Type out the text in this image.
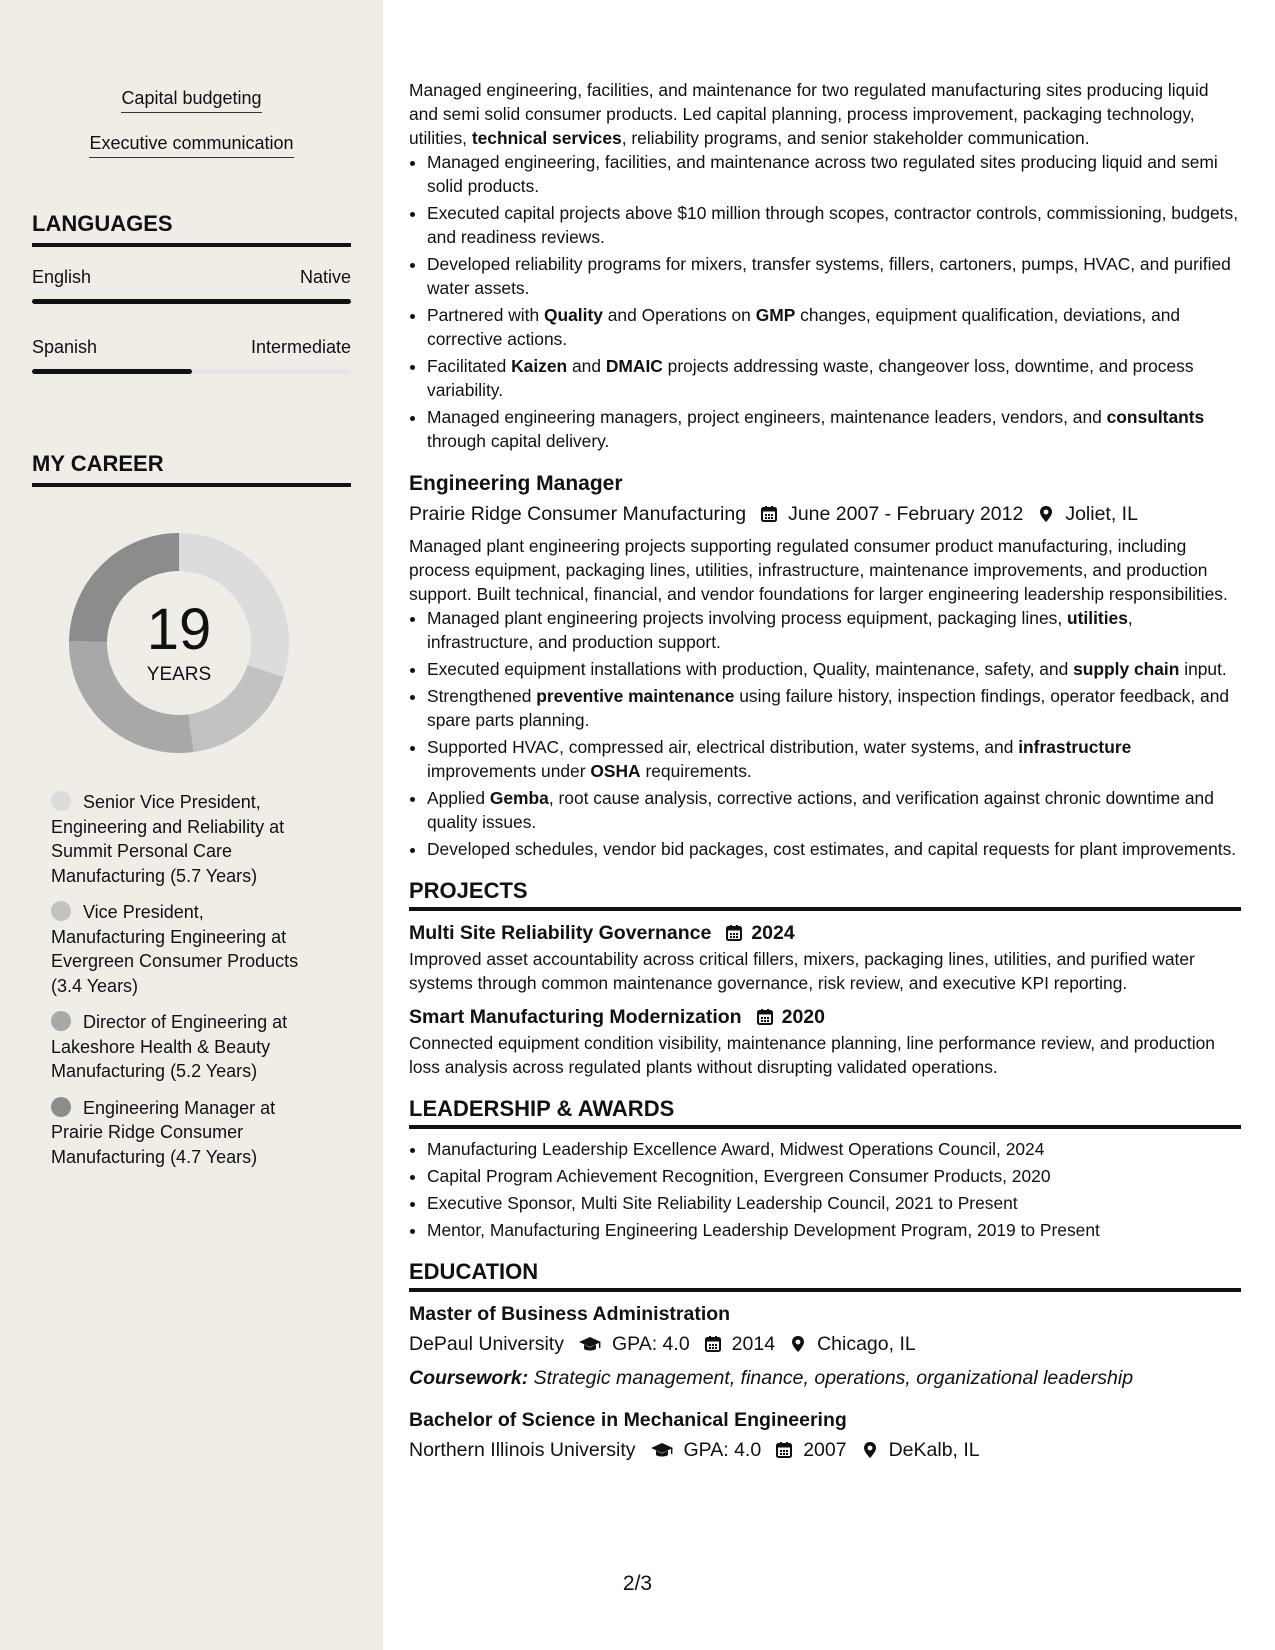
Capital budgeting
Executive communication
LANGUAGES
English	Native
Spanish	Intermediate
MY CAREER
19
YEARS
Senior Vice President, Engineering and Reliability at Summit Personal Care Manufacturing (5.7 Years)
Vice President, Manufacturing Engineering at Evergreen Consumer Products (3.4 Years)
Director of Engineering at Lakeshore Health & Beauty Manufacturing (5.2 Years)
Engineering Manager at Prairie Ridge Consumer Manufacturing (4.7 Years)

Managed engineering, facilities, and maintenance for two regulated manufacturing sites producing liquid and semi solid consumer products. Led capital planning, process improvement, packaging technology, utilities, technical services, reliability programs, and senior stakeholder communication.

• Managed engineering, facilities, and maintenance across two regulated sites producing liquid and semi solid products.
• Executed capital projects above $10 million through scopes, contractor controls, commissioning, budgets, and readiness reviews.
• Developed reliability programs for mixers, transfer systems, fillers, cartoners, pumps, HVAC, and purified water assets.
• Partnered with Quality and Operations on GMP changes, equipment qualification, deviations, and corrective actions.
• Facilitated Kaizen and DMAIC projects addressing waste, changeover loss, downtime, and process variability.
• Managed engineering managers, project engineers, maintenance leaders, vendors, and consultants through capital delivery.
Engineering Manager
Prairie Ridge Consumer Manufacturing June 2007 - February 2012 Joliet, IL

Managed plant engineering projects supporting regulated consumer product manufacturing, including process equipment, packaging lines, utilities, infrastructure, maintenance improvements, and production support. Built technical, financial, and vendor foundations for larger engineering leadership responsibilities.

• Managed plant engineering projects involving process equipment, packaging lines, utilities, infrastructure, and production support.
• Executed equipment installations with production, Quality, maintenance, safety, and supply chain input.
• Strengthened preventive maintenance using failure history, inspection findings, operator feedback, and spare parts planning.
• Supported HVAC, compressed air, electrical distribution, water systems, and infrastructure improvements under OSHA requirements.
• Applied Gemba, root cause analysis, corrective actions, and verification against chronic downtime and quality issues.
• Developed schedules, vendor bid packages, cost estimates, and capital requests for plant improvements.
PROJECTS
Multi Site Reliability Governance 2024

Improved asset accountability across critical fillers, mixers, packaging lines, utilities, and purified water systems through common maintenance governance, risk review, and executive KPI reporting.

Smart Manufacturing Modernization 2020

Connected equipment condition visibility, maintenance planning, line performance review, and production loss analysis across regulated plants without disrupting validated operations.

LEADERSHIP & AWARDS
• Manufacturing Leadership Excellence Award, Midwest Operations Council, 2024
• Capital Program Achievement Recognition, Evergreen Consumer Products, 2020
• Executive Sponsor, Multi Site Reliability Leadership Council, 2021 to Present
• Mentor, Manufacturing Engineering Leadership Development Program, 2019 to Present
EDUCATION
Master of Business Administration
DePaul University GPA: 4.0 2014 Chicago, IL
Coursework: Strategic management, finance, operations, organizational leadership
Bachelor of Science in Mechanical Engineering
Northern Illinois University GPA: 4.0 2007 DeKalb, IL
2/3
